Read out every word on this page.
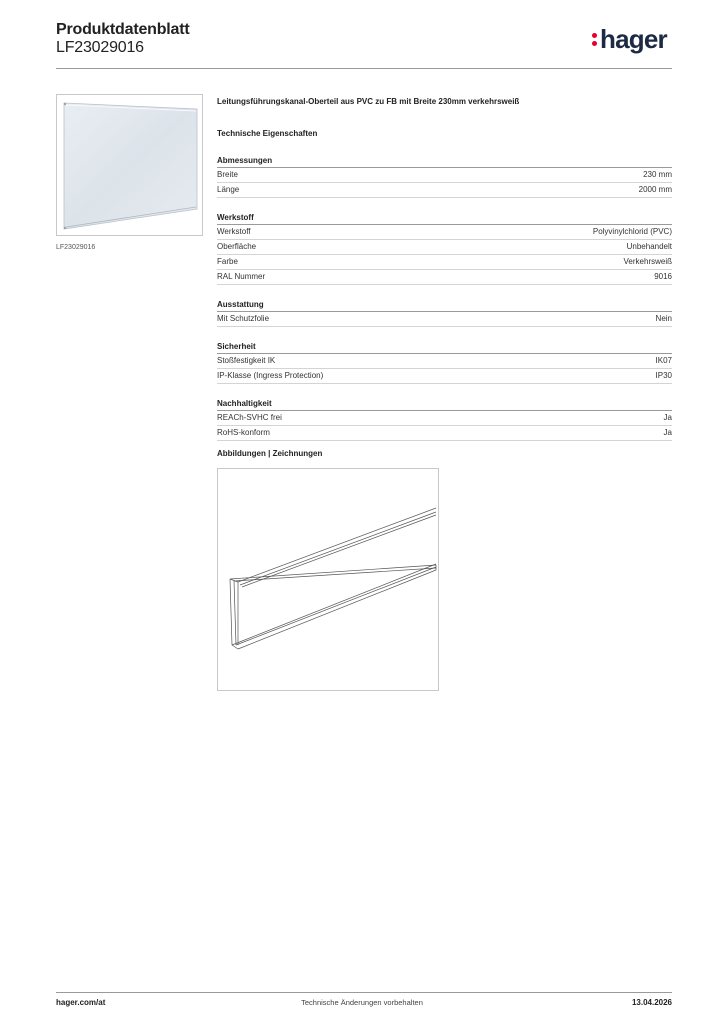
Produktdatenblatt
LF23029016	hager
LF23029016
Leitungsführungskanal-Oberteil aus PVC zu FB mit Breite 230mm verkehrsweiß
Technische Eigenschaften
Abmessungen
Breite	230 mm
Länge	2000 mm
Werkstoff
Werkstoff	Polyvinylchlorid (PVC)
Oberfläche	Unbehandelt
Farbe	Verkehrsweiß
RAL Nummer	9016
Ausstattung
Mit Schutzfolie	Nein
Sicherheit
Stoßfestigkeit IK	IK07
IP-Klasse (Ingress Protection)	IP30
Nachhaltigkeit
REACh-SVHC frei	Ja
RoHS-konform	Ja
Abbildungen | Zeichnungen
hager.com/at	Technische Änderungen vorbehalten	13.04.2026
